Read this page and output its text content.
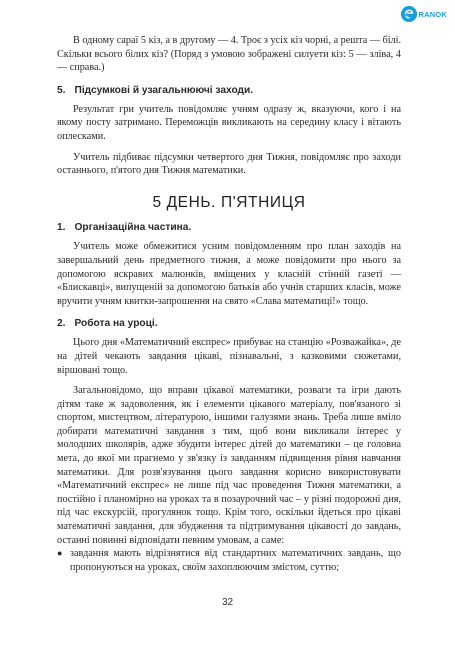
RANOK

В одному сараї 5 кіз, а в другому — 4. Троє з усіх кіз чорні, а решта — білі. Скільки всього білих кіз? (Поряд з умовою зображені силуети кіз: 5 — зліва, 4 — справа.)

5. Підсумкові й узагальнюючі заходи.

Результат гри учитель повідомляє учням одразу ж, вказуючи, кого і на якому посту затримано. Переможців викликають на середину класу і вітають оплесками.

Учитель підбиває підсумки четвертого дня Тижня, повідомляє про заходи останнього, п'ятого дня Тижня математики.

5 ДЕНЬ. П'ЯТНИЦЯ
1. Організаційна частина.

Учитель може обмежитися усним повідомленням про план заходів на завершальний день предметного тижня, а може повідомити про нього за допомогою яскравих малюнків, вміщених у класній стінній газеті — «Блискавці», випущеній за допомогою батьків або учнів старших класів, може вручити учням квитки-запрошення на свято «Слава математиці!» тощо.

2. Робота на уроці.

Цього дня «Математичний експрес» прибуває на станцію «Розважайка», де на дітей чекають завдання цікаві, пізнавальні, з казковими сюжетами, віршовані тощо.

Загальновідомо, що вправи цікавої математики, розваги та ігри дають дітям таке ж задоволення, як і елементи цікавого матеріалу, пов'язаного зі спортом, мистецтвом, літературою, іншими галузями знань. Треба лише вміло добирати математичні завдання з тим, щоб вони викликали інтерес у молодших школярів, адже збудити інтерес дітей до математики – це головна мета, до якої ми прагнемо у зв'язку із завданням підвищення рівня навчання математики. Для розв'язування цього завдання корисно використовувати «Математичний експрес» не лише під час проведення Тижня математики, а постійно і планомірно на уроках та в позаурочний час – у різні подорожні дня, під час екскурсій, прогулянок тощо. Крім того, оскільки йдеться про цікаві математичні завдання, для збудження та підтримування цікавості до завдань, останні повинні відповідати певним умовам, а саме:

● завдання мають відрізнятися від стандартних математичних завдань, що пропонуються на уроках, своїм захоплюючим змістом, суттю;
32
